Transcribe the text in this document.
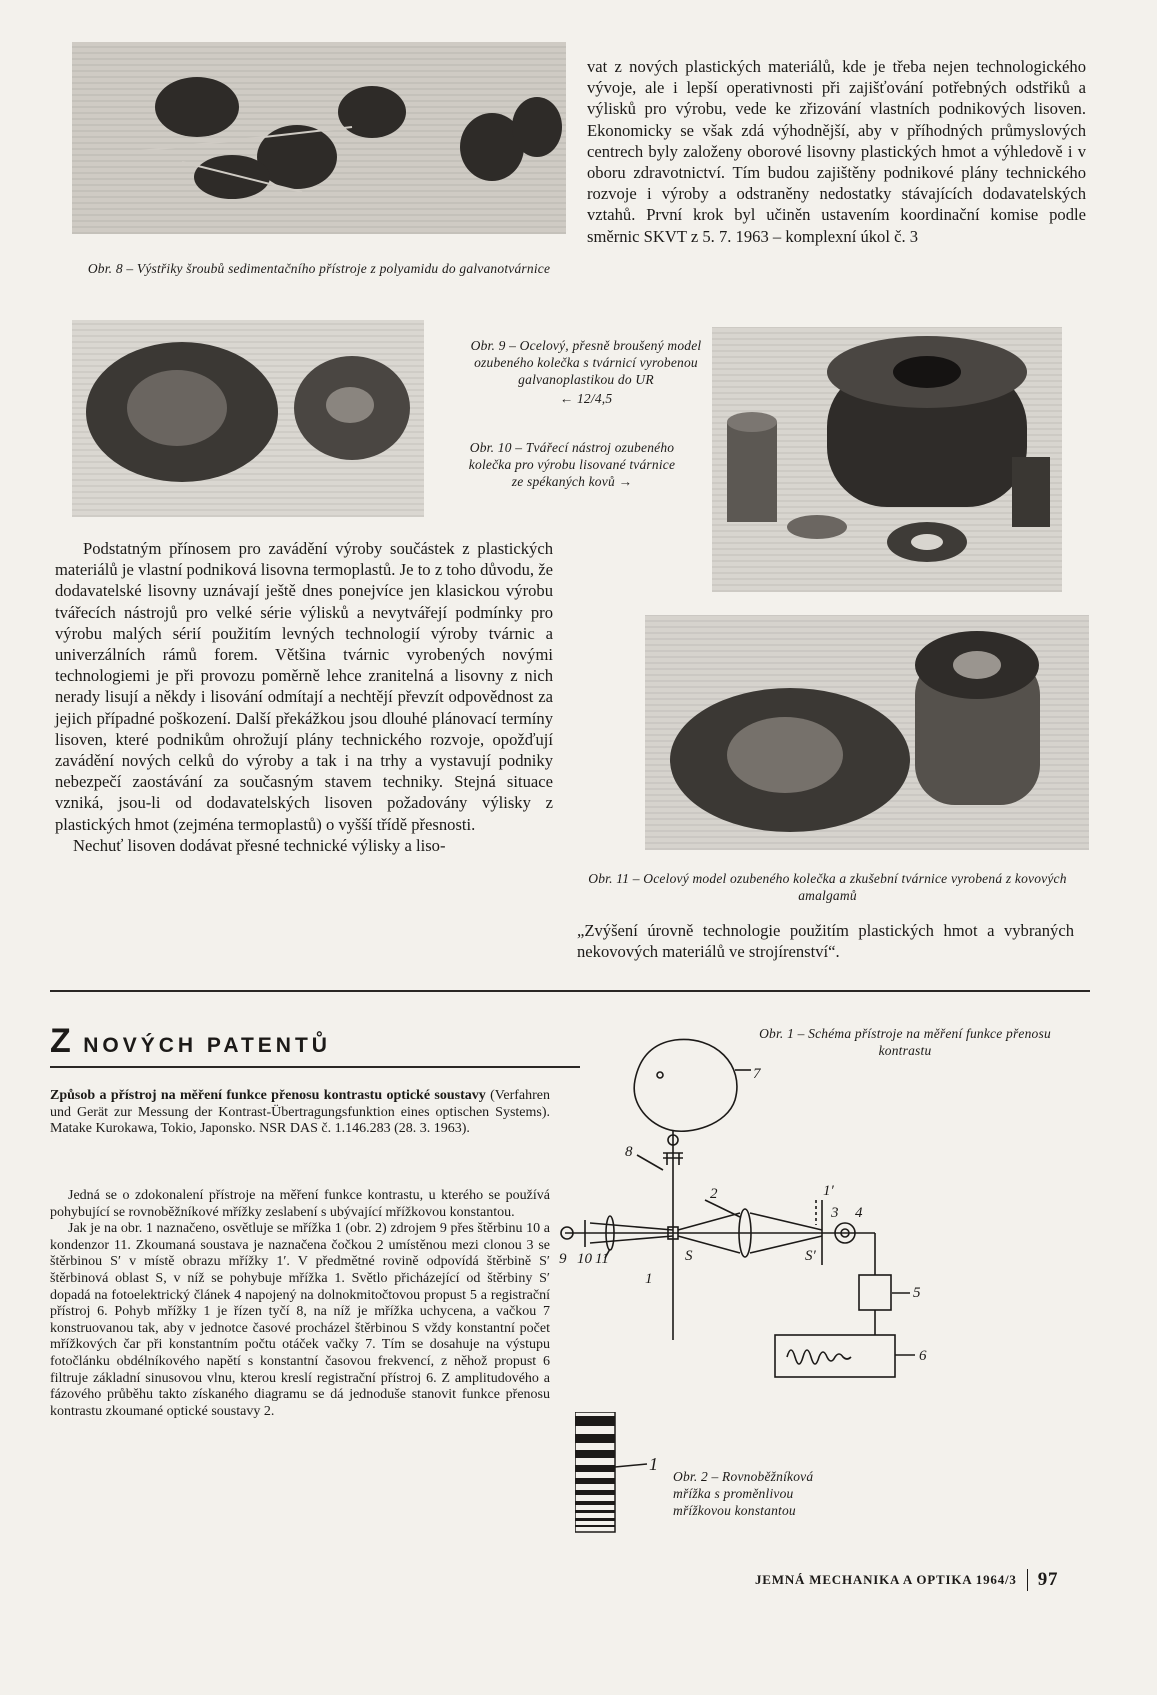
Obr. 8 – Výstřiky šroubů sedimentačního přístroje z polyamidu do galvanotvárnice
vat z nových plastických materiálů, kde je třeba nejen technologického vývoje, ale i lepší operativnosti při zajišťování potřebných odstřiků a výlisků pro výrobu, vede ke zřizování vlastních podnikových lisoven. Ekonomicky se však zdá výhodnější, aby v příhodných průmyslových centrech byly založeny oborové lisovny plastických hmot a výhledově i v oboru zdravotnictví. Tím budou zajištěny podnikové plány technického rozvoje i výroby a odstraněny nedostatky stávajících dodavatelských vztahů. První krok byl učiněn ustavením koordinační komise podle směrnic SKVT z 5. 7. 1963 – komplexní úkol č. 3
Obr. 9 – Ocelový, přesně broušený model ozubeného kolečka s tvárnicí vyrobenou galvanoplastikou do UR
← 12/4,5
Obr. 10 – Tvářecí nástroj ozubeného kolečka pro výrobu lisované tvárnice ze spékaných kovů →

Podstatným přínosem pro zavádění výroby součástek z plastických materiálů je vlastní podniková lisovna termoplastů. Je to z toho důvodu, že dodavatelské lisovny uznávají ještě dnes ponejvíce jen klasickou výrobu tvářecích nástrojů pro velké série výlisků a nevytvářejí podmínky pro výrobu malých sérií použitím levných technologií výroby tvárnic a univerzálních rámů forem. Většina tvárnic vyrobených novými technologiemi je při provozu poměrně lehce zranitelná a lisovny z nich nerady lisují a někdy i lisování odmítají a nechtějí převzít odpovědnost za jejich případné poškození. Další překážkou jsou dlouhé plánovací termíny lisoven, které podnikům ohrožují plány technického rozvoje, opožďují zavádění nových celků do výroby a tak i na trhy a vystavují podniky nebezpečí zaostávání za současným stavem techniky. Stejná situace vzniká, jsou-li od dodavatelských lisoven požadovány výlisky z plastických hmot (zejména termoplastů) o vyšší třídě přesnosti.

Nechuť lisoven dodávat přesné technické výlisky a liso-

Obr. 11 – Ocelový model ozubeného kolečka a zkušební tvárnice vyrobená z kovových amalgamů
„Zvýšení úrovně technologie použitím plastických hmot a vybraných nekovových materiálů ve strojírenství“.
Z NOVÝCH PATENTŮ
Způsob a přístroj na měření funkce přenosu kontrastu optické soustavy (Verfahren und Gerät zur Messung der Kontrast-Übertragungsfunktion eines optischen Systems). Matake Kurokawa, Tokio, Japonsko. NSR DAS č. 1.146.283 (28. 3. 1963).

Jedná se o zdokonalení přístroje na měření funkce kontrastu, u kterého se používá pohybující se rovnoběžníkové mřížky zeslabení s ubývající mřížkovou konstantou.

Jak je na obr. 1 naznačeno, osvětluje se mřížka 1 (obr. 2) zdrojem 9 přes štěrbinu 10 a kondenzor 11. Zkoumaná soustava je naznačena čočkou 2 umístěnou mezi clonou 3 se štěrbinou S′ v místě obrazu mřížky 1′. V předmětné rovině odpovídá štěrbině S′ štěrbinová oblast S, v níž se pohybuje mřížka 1. Světlo přicházející od štěrbiny S′ dopadá na fotoelektrický článek 4 napojený na dolnokmitočtovou propust 5 a registrační přístroj 6. Pohyb mřížky 1 je řízen tyčí 8, na níž je mřížka uchycena, a vačkou 7 konstruovanou tak, aby v jednotce časové procházel štěrbinou S vždy konstantní počet mřížkových čar při konstantním počtu otáček vačky 7. Tím se dosahuje na výstupu fotočlánku obdélníkového napětí s konstantní časovou frekvencí, z něhož propust 6 filtruje základní sinusovou vlnu, kterou kreslí registrační přístroj 6. Z amplitudového a fázového průběhu takto získaného diagramu se dá jednoduše stanovit funkce přenosu kontrastu zkoumané optické soustavy 2.

Obr. 1 – Schéma přístroje na měření funkce přenosu kontrastu
7
8
2	1′
3 4
5
6
9 10 11
1
S	S′
1
Obr. 2 – Rovnoběžníková mřížka s proměnlivou mřížkovou konstantou
JEMNÁ MECHANIKA A OPTIKA 1964/3 97
